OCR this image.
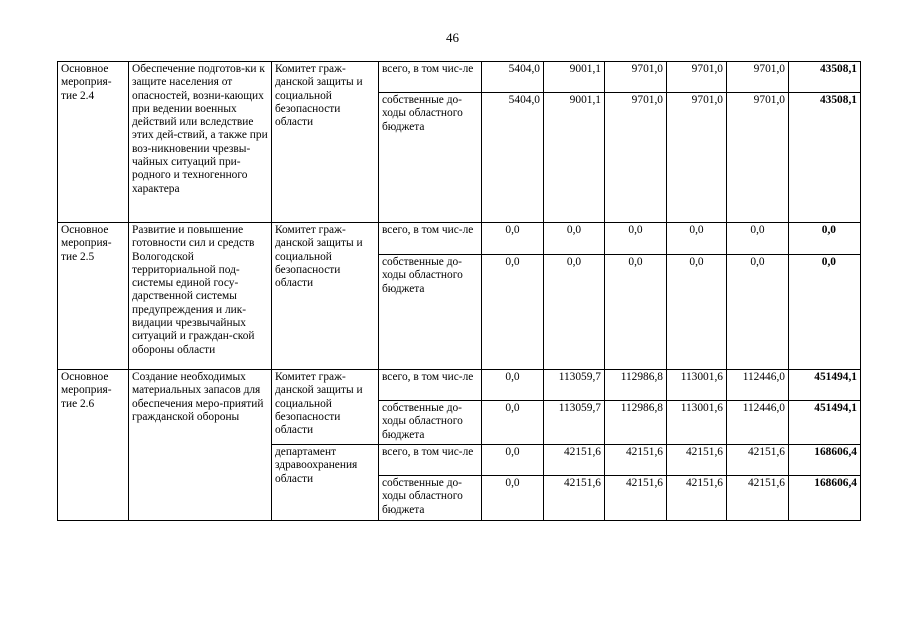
46
Основное мероприя-тие 2.4	Обеспечение подготов-ки к защите населения от опасностей, возни-кающих при ведении военных действий или вследствие этих дей-ствий, а также при воз-никновении чрезвы-чайных ситуаций при-родного и техногенного характера	Комитет граж-данской защиты и социальной безопасности области	всего, в том чис-ле	5404,0	9001,1	9701,0	9701,0	9701,0	43508,1
			собственные до-ходы областного бюджета	5404,0	9001,1	9701,0	9701,0	9701,0	43508,1
Основное мероприя-тие 2.5	Развитие и повышение готовности сил и средств Вологодской территориальной под-системы единой госу-дарственной системы предупреждения и лик-видации чрезвычайных ситуаций и граждан-ской обороны области	Комитет граж-данской защиты и социальной безопасности области	всего, в том чис-ле	0,0	0,0	0,0	0,0	0,0	0,0
			собственные до-ходы областного бюджета	0,0	0,0	0,0	0,0	0,0	0,0
Основное мероприя-тие 2.6	Создание необходимых материальных запасов для обеспечения меро-приятий гражданской обороны	Комитет граж-данской защиты и социальной безопасности области	всего, в том чис-ле	0,0	113059,7	112986,8	113001,6	112446,0	451494,1
			собственные до-ходы областного бюджета	0,0	113059,7	112986,8	113001,6	112446,0	451494,1
		департамент здравоохранения области	всего, в том чис-ле	0,0	42151,6	42151,6	42151,6	42151,6	168606,4
			собственные до-ходы областного бюджета	0,0	42151,6	42151,6	42151,6	42151,6	168606,4
